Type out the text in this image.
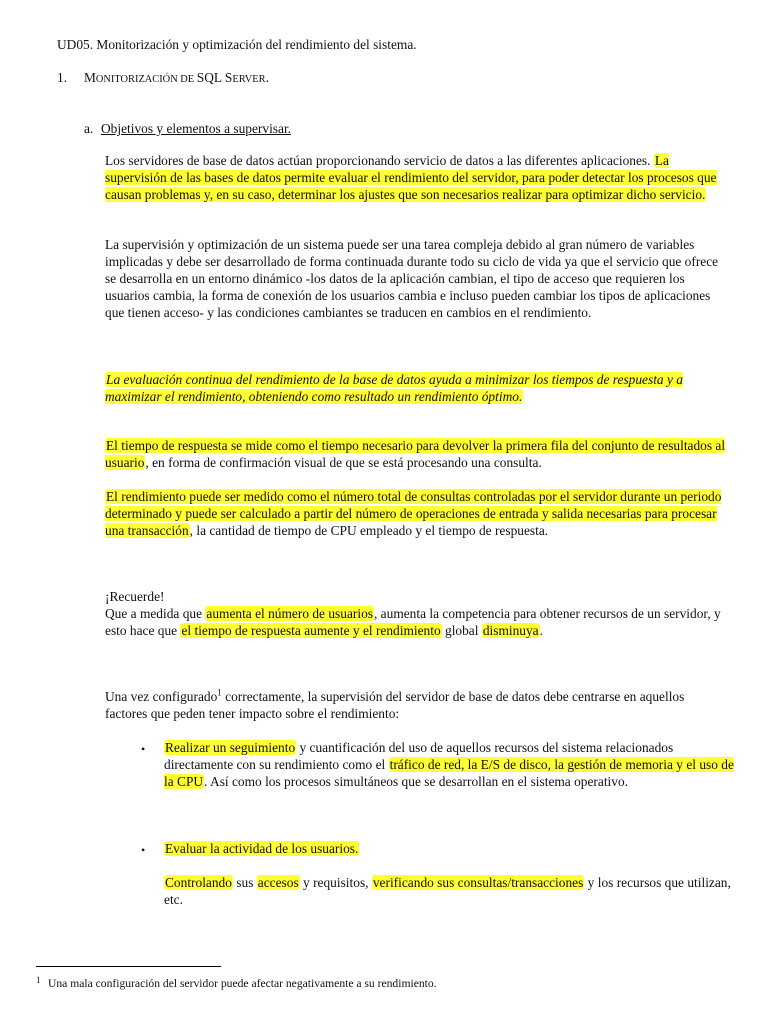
UD05. Monitorización y optimización del rendimiento del sistema.
1. MONITORIZACIÓN DE SQL SERVER.
a. Objetivos y elementos a supervisar.

Los servidores de base de datos actúan proporcionando servicio de datos a las diferentes aplicaciones. La supervisión de las bases de datos permite evaluar el rendimiento del servidor, para poder detectar los procesos que causan problemas y, en su caso, determinar los ajustes que son necesarios realizar para optimizar dicho servicio.

La supervisión y optimización de un sistema puede ser una tarea compleja debido al gran número de variables implicadas y debe ser desarrollado de forma continuada durante todo su ciclo de vida ya que el servicio que ofrece se desarrolla en un entorno dinámico -los datos de la aplicación cambian, el tipo de acceso que requieren los usuarios cambia, la forma de conexión de los usuarios cambia e incluso pueden cambiar los tipos de aplicaciones que tienen acceso- y las condiciones cambiantes se traducen en cambios en el rendimiento.

La evaluación continua del rendimiento de la base de datos ayuda a minimizar los tiempos de respuesta y a maximizar el rendimiento, obteniendo como resultado un rendimiento óptimo.

El tiempo de respuesta se mide como el tiempo necesario para devolver la primera fila del conjunto de resultados al usuario, en forma de confirmación visual de que se está procesando una consulta.

El rendimiento puede ser medido como el número total de consultas controladas por el servidor durante un periodo determinado y puede ser calculado a partir del número de operaciones de entrada y salida necesarias para procesar una transacción, la cantidad de tiempo de CPU empleado y el tiempo de respuesta.

¡Recuerde!

Que a medida que aumenta el número de usuarios, aumenta la competencia para obtener recursos de un servidor, y esto hace que el tiempo de respuesta aumente y el rendimiento global disminuya.

Una vez configurado$^1$ correctamente, la supervisión del servidor de base de datos debe centrarse en aquellos factores que peden tener impacto sobre el rendimiento:

• Realizar un seguimiento y cuantificación del uso de aquellos recursos del sistema relacionados directamente con su rendimiento como el tráfico de red, la E/S de disco, la gestión de memoria y el uso de la CPU. Así como los procesos simultáneos que se desarrollan en el sistema operativo.

• Evaluar la actividad de los usuarios.

Controlando sus accesos y requisitos, verificando sus consultas/transacciones y los recursos que utilizan, etc.

1 Una mala configuración del servidor puede afectar negativamente a su rendimiento.
